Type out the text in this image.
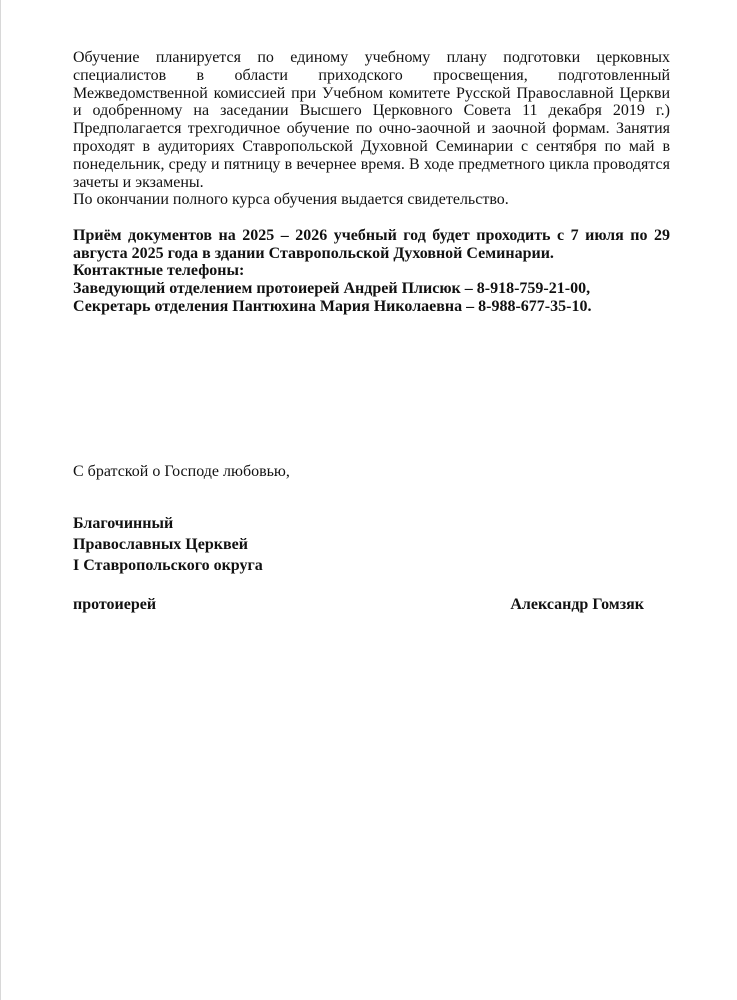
Обучение планируется по единому учебному плану подготовки церковных специалистов в области приходского просвещения, подготовленный Межведомственной комиссией при Учебном комитете Русской Православной Церкви и одобренному на заседании Высшего Церковного Совета 11 декабря 2019 г.) Предполагается трехгодичное обучение по очно-заочной и заочной формам. Занятия проходят в аудиториях Ставропольской Духовной Семинарии с сентября по май в понедельник, среду и пятницу в вечернее время. В ходе предметного цикла проводятся зачеты и экзамены.

По окончании полного курса обучения выдается свидетельство.

Приём документов на 2025 – 2026 учебный год будет проходить с 7 июля по 29 августа 2025 года в здании Ставропольской Духовной Семинарии.

Контактные телефоны:

Заведующий отделением протоиерей Андрей Плисюк – 8-918-759-21-00,

Секретарь отделения Пантюхина Мария Николаевна – 8-988-677-35-10.

С братской о Господе любовью,
Благочинный
Православных Церквей
I Ставропольского округа
протоиерей	Александр Гомзяк
